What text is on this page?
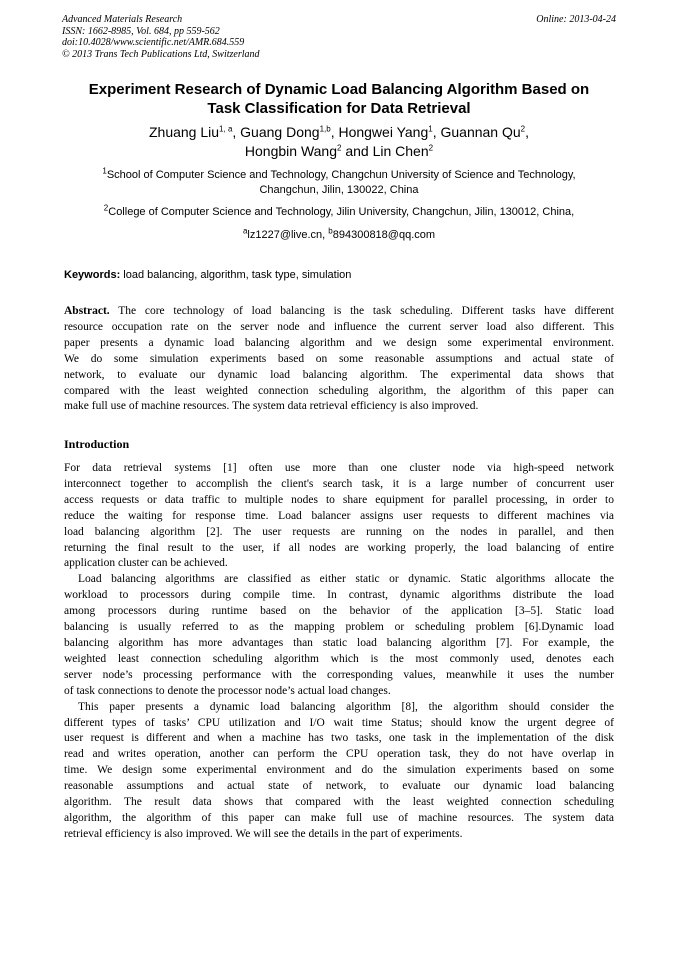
Advanced Materials Research
ISSN: 1662-8985, Vol. 684, pp 559-562
doi:10.4028/www.scientific.net/AMR.684.559
© 2013 Trans Tech Publications Ltd, Switzerland
Online: 2013-04-24
Experiment Research of Dynamic Load Balancing Algorithm Based on
Task Classification for Data Retrieval
Zhuang Liu$^{1, a}$, Guang Dong$^{1,b}$, Hongwei Yang$^1$, Guannan Qu$^2$,
Hongbin Wang$^2$ and Lin Chen$^2$
$^1$School of Computer Science and Technology, Changchun University of Science and Technology,
Changchun, Jilin, 130022, China
$^2$College of Computer Science and Technology, Jilin University, Changchun, Jilin, 130012, China,
$^a$lz1227@live.cn, $^b$894300818@qq.com
Keywords: load balancing, algorithm, task type, simulation
Abstract. The core technology of load balancing is the task scheduling. Different tasks have different
resource occupation rate on the server node and influence the current server load also different. This
paper presents a dynamic load balancing algorithm and we design some experimental environment.
We do some simulation experiments based on some reasonable assumptions and actual state of
network, to evaluate our dynamic load balancing algorithm. The experimental data shows that
compared with the least weighted connection scheduling algorithm, the algorithm of this paper can
make full use of machine resources. The system data retrieval efficiency is also improved.
Introduction
For data retrieval systems [1] often use more than one cluster node via high-speed network
interconnect together to accomplish the client's search task, it is a large number of concurrent user
access requests or data traffic to multiple nodes to share equipment for parallel processing, in order to
reduce the waiting for response time. Load balancer assigns user requests to different machines via
load balancing algorithm [2]. The user requests are running on the nodes in parallel, and then
returning the final result to the user, if all nodes are working properly, the load balancing of entire
application cluster can be achieved.
Load balancing algorithms are classified as either static or dynamic. Static algorithms allocate the
workload to processors during compile time. In contrast, dynamic algorithms distribute the load
among processors during runtime based on the behavior of the application [3–5]. Static load
balancing is usually referred to as the mapping problem or scheduling problem [6].Dynamic load
balancing algorithm has more advantages than static load balancing algorithm [7]. For example, the
weighted least connection scheduling algorithm which is the most commonly used, denotes each
server node’s processing performance with the corresponding values, meanwhile it uses the number
of task connections to denote the processor node’s actual load changes.
This paper presents a dynamic load balancing algorithm [8], the algorithm should consider the
different types of tasks’ CPU utilization and I/O wait time Status; should know the urgent degree of
user request is different and when a machine has two tasks, one task in the implementation of the disk
read and writes operation, another can perform the CPU operation task, they do not have overlap in
time. We design some experimental environment and do the simulation experiments based on some
reasonable assumptions and actual state of network, to evaluate our dynamic load balancing
algorithm. The result data shows that compared with the least weighted connection scheduling
algorithm, the algorithm of this paper can make full use of machine resources. The system data
retrieval efficiency is also improved. We will see the details in the part of experiments.
